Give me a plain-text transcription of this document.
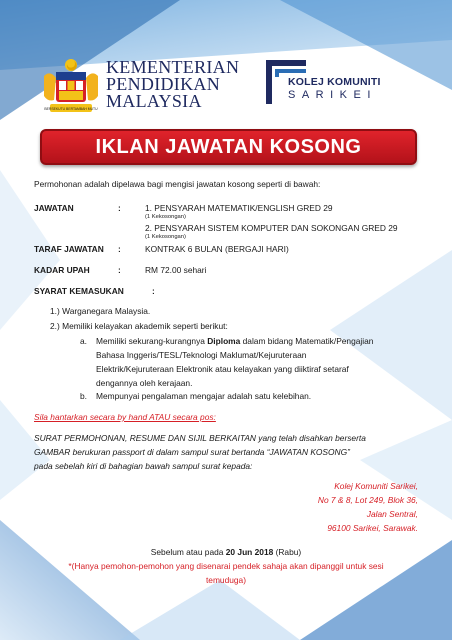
BERSEKUTU BERTAMBAH MUTU
KEMENTERIAN
PENDIDIKAN
MALAYSIA
KOLEJ KOMUNITI
SARIKEI
IKLAN JAWATAN KOSONG
Permohonan adalah dipelawa bagi mengisi jawatan kosong seperti di bawah:
JAWATAN	:	1. PENSYARAH MATEMATIK/ENGLISH GRED 29
(1 Kekosongan)
2. PENSYARAH SISTEM KOMPUTER DAN SOKONGAN GRED 29
(1 Kekosongan)
TARAF JAWATAN :	KONTRAK 6 BULAN (BERGAJI HARI)
KADAR UPAH	:	RM 72.00 sehari
SYARAT KEMASUKAN	:
1.) Warganegara Malaysia.
2.) Memiliki kelayakan akademik seperti berikut:
a. Memiliki sekurang-kurangnya Diploma dalam bidang Matematik/Pengajian
Bahasa Inggeris/TESL/Teknologi Maklumat/Kejuruteraan
Elektrik/Kejuruteraan Elektronik atau kelayakan yang diiktiraf setaraf
dengannya oleh kerajaan.
b. Mempunyai pengalaman mengajar adalah satu kelebihan.
Sila hantarkan secara by hand ATAU secara pos:
SURAT PERMOHONAN, RESUME DAN SIJIL BERKAITAN yang telah disahkan berserta
GAMBAR berukuran passport di dalam sampul surat bertanda “JAWATAN KOSONG”
pada sebelah kiri di bahagian bawah sampul surat kepada:
Kolej Komuniti Sarikei,
No 7 & 8, Lot 249, Blok 36,
Jalan Sentral,
96100 Sarikei, Sarawak.
Sebelum atau pada 20 Jun 2018 (Rabu)
*(Hanya pemohon-pemohon yang disenarai pendek sahaja akan dipanggil untuk sesi
temuduga)
